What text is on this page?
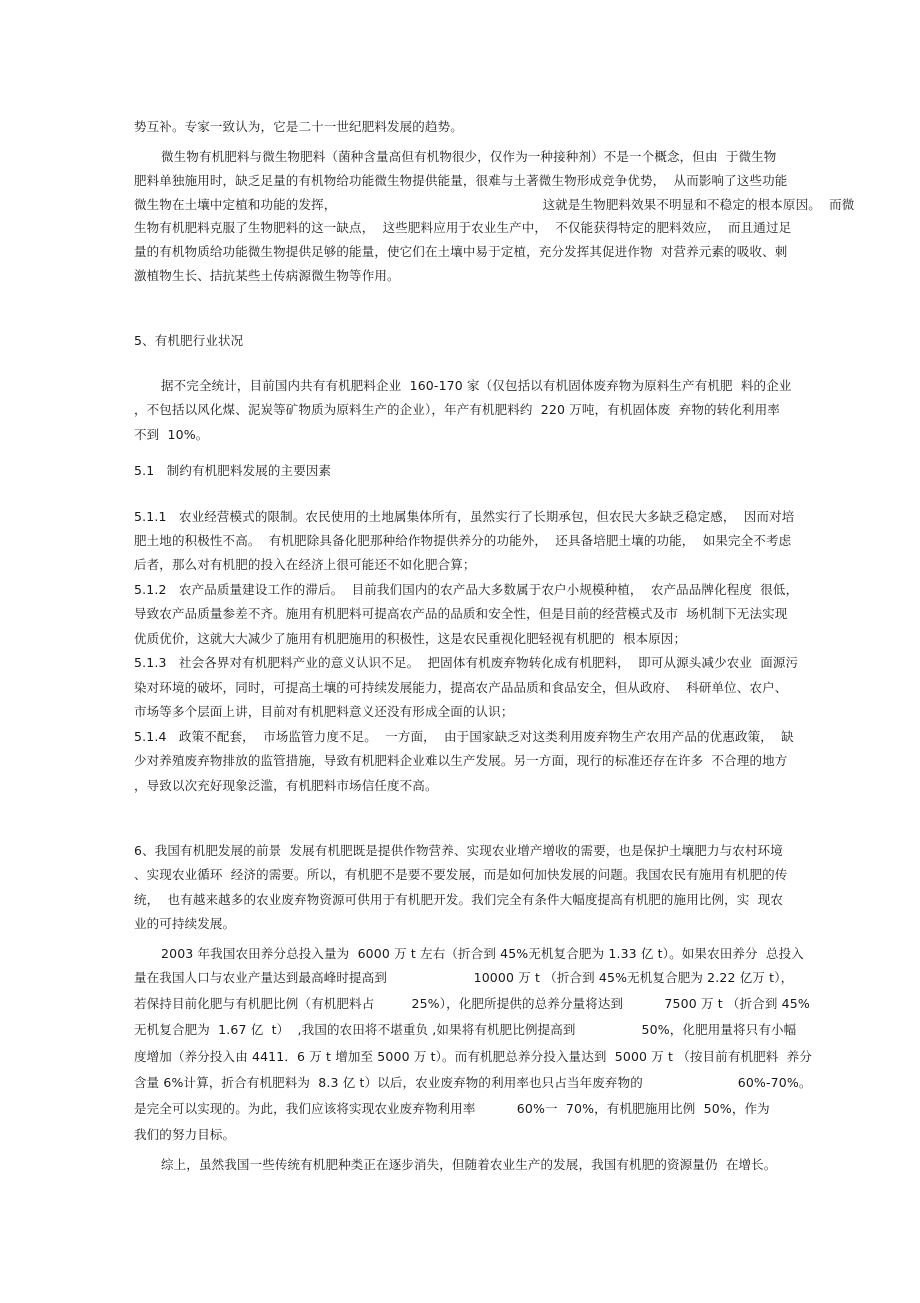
势互补。专家一致认为，它是二十一世纪肥料发展的趋势。
微生物有机肥料与微生物肥料（菌种含量高但有机物很少，仅作为一种接种剂）不是一个概念，但由  于微生物
肥料单独施用时，缺乏足量的有机物给功能微生物提供能量，很难与土著微生物形成竞争优势，  从而影响了这些功能
微生物在土壤中定植和功能的发挥，                                                  这就是生物肥料效果不明显和不稳定的根本原因。  而微
生物有机肥料克服了生物肥料的这一缺点，  这些肥料应用于农业生产中，  不仅能获得特定的肥料效应，  而且通过足
量的有机物质给功能微生物提供足够的能量，使它们在土壤中易于定植，充分发挥其促进作物  对营养元素的吸收、刺
激植物生长、拮抗某些土传病源微生物等作用。
5、有机肥行业状况
据不完全统计，目前国内共有有机肥料企业  160-170 家（仅包括以有机固体废弃物为原料生产有机肥  料的企业
，不包括以风化煤、泥炭等矿物质为原料生产的企业），年产有机肥料约  220 万吨，有机固体废  弃物的转化利用率
不到  10%。
5.1   制约有机肥料发展的主要因素
5.1.1   农业经营模式的限制。农民使用的土地属集体所有，虽然实行了长期承包，但农民大多缺乏稳定感，  因而对培
肥土地的积极性不高。  有机肥除具备化肥那种给作物提供养分的功能外，  还具备培肥土壤的功能，  如果完全不考虑
后者，那么对有机肥的投入在经济上很可能还不如化肥合算；
5.1.2   农产品质量建设工作的滞后。  目前我们国内的农产品大多数属于农户小规模种植，  农产品品牌化程度  很低，
导致农产品质量参差不齐。施用有机肥料可提高农产品的品质和安全性，但是目前的经营模式及市  场机制下无法实现
优质优价，这就大大减少了施用有机肥施用的积极性，这是农民重视化肥轻视有机肥的  根本原因；
5.1.3   社会各界对有机肥料产业的意义认识不足。  把固体有机废弃物转化成有机肥料，  即可从源头减少农业  面源污
染对环境的破坏，同时，可提高土壤的可持续发展能力，提高农产品品质和食品安全，但从政府、  科研单位、农户、
市场等多个层面上讲，目前对有机肥料意义还没有形成全面的认识；
5.1.4   政策不配套，  市场监管力度不足。  一方面，  由于国家缺乏对这类利用废弃物生产农用产品的优惠政策，  缺
少对养殖废弃物排放的监管措施，导致有机肥料企业难以生产发展。另一方面，现行的标准还存在许多  不合理的地方
，导致以次充好现象泛滥，有机肥料市场信任度不高。
6、我国有机肥发展的前景  发展有机肥既是提供作物营养、实现农业增产增收的需要，也是保护土壤肥力与农村环境
、实现农业循环  经济的需要。所以，有机肥不是要不要发展，而是如何加快发展的问题。我国农民有施用有机肥的传
统，  也有越来越多的农业废弃物资源可供用于有机肥开发。我们完全有条件大幅度提高有机肥的施用比例，实  现农
业的可持续发展。
2003 年我国农田养分总投入量为  6000 万 t 左右（折合到 45%无机复合肥为 1.33 亿 t）。如果农田养分  总投入
量在我国人口与农业产量达到最高峰时提高到                     10000 万 t （折合到 45%无机复合肥为 2.22 亿万 t），
若保持目前化肥与有机肥比例（有机肥料占         25%），化肥所提供的总养分量将达到          7500 万 t （折合到 45%
无机复合肥为  1.67 亿  t）  ,我国的农田将不堪重负 ,如果将有机肥比例提高到                50%，化肥用量将只有小幅
度增加（养分投入由 4411．6 万 t 增加至 5000 万 t）。而有机肥总养分投入量达到  5000 万 t （按目前有机肥料  养分
含量 6%计算，折合有机肥料为  8.3 亿 t）以后，农业废弃物的利用率也只占当年废弃物的                       60%-70%。
是完全可以实现的。为此，我们应该将实现农业废弃物利用率          60%一  70%，有机肥施用比例  50%，作为
我们的努力目标。
综上，虽然我国一些传统有机肥种类正在逐步消失，但随着农业生产的发展，我国有机肥的资源量仍  在增长。
